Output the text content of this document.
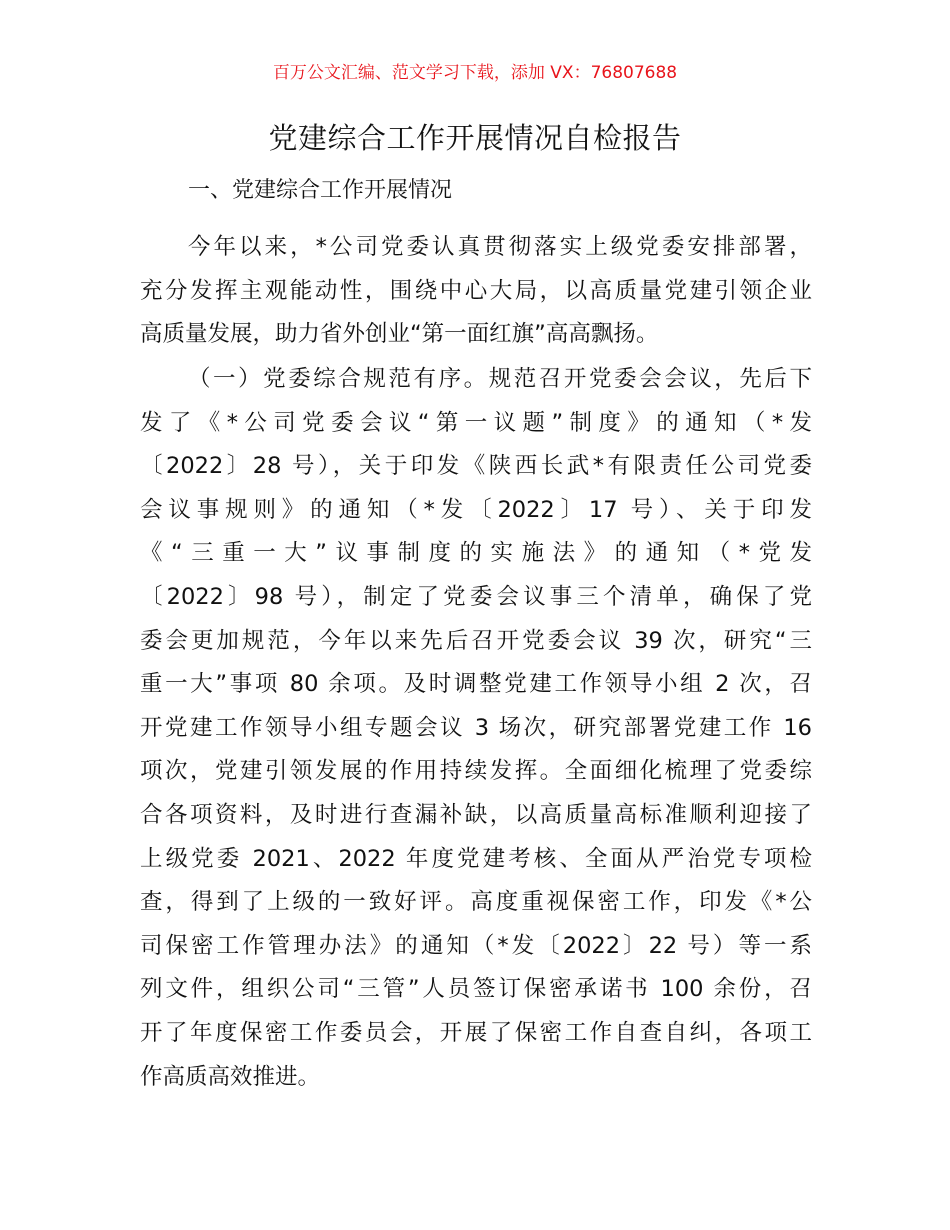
百万公文汇编、范文学习下载，添加 VX：76807688
党建综合工作开展情况自检报告
一、党建综合工作开展情况
今年以来，*公司党委认真贯彻落实上级党委安排部署，
充分发挥主观能动性，围绕中心大局，以高质量党建引领企业
高质量发展，助力省外创业“第一面红旗”高高飘扬。
（一）党委综合规范有序。规范召开党委会会议，先后下
发了《*公司党委会议“第一议题”制度》的通知（*发
〔2022〕28 号），关于印发《陕西长武*有限责任公司党委
会议事规则》的通知（*发〔2022〕17 号）、关于印发
《“三重一大”议事制度的实施法》的通知（*党发
〔2022〕98 号），制定了党委会议事三个清单，确保了党
委会更加规范，今年以来先后召开党委会议 39 次，研究“三
重一大”事项 80 余项。及时调整党建工作领导小组 2 次，召
开党建工作领导小组专题会议 3 场次，研究部署党建工作 16
项次，党建引领发展的作用持续发挥。全面细化梳理了党委综
合各项资料，及时进行查漏补缺，以高质量高标准顺利迎接了
上级党委 2021、2022 年度党建考核、全面从严治党专项检
查，得到了上级的一致好评。高度重视保密工作，印发《*公
司保密工作管理办法》的通知（*发〔2022〕22 号）等一系
列文件，组织公司“三管”人员签订保密承诺书 100 余份，召
开了年度保密工作委员会，开展了保密工作自查自纠，各项工
作高质高效推进。
